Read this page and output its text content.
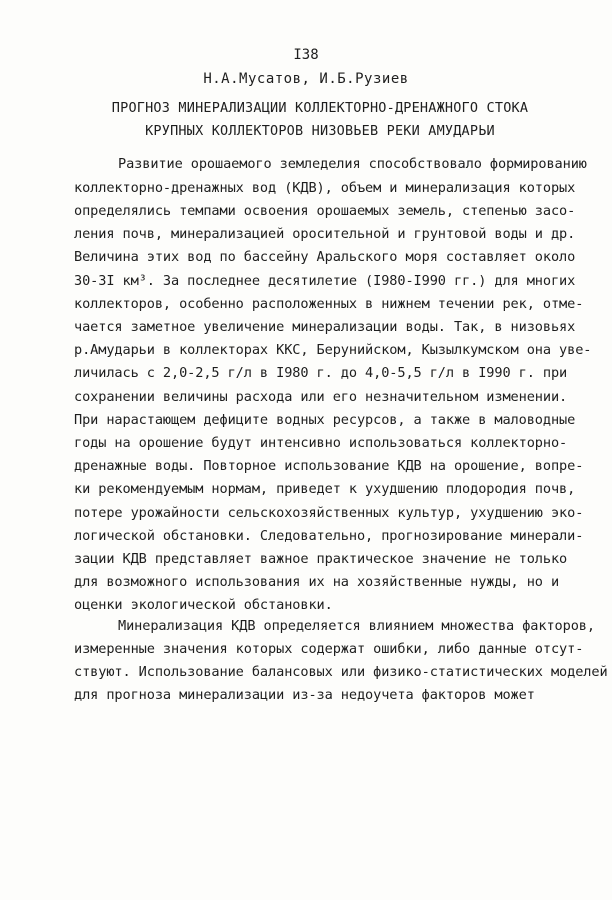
I38
Н.А.Мусатов, И.Б.Рузиев
ПРОГНОЗ МИНЕРАЛИЗАЦИИ КОЛЛЕКТОРНО-ДРЕНАЖНОГО СТОКА
КРУПНЫХ КОЛЛЕКТОРОВ НИЗОВЬЕВ РЕКИ АМУДАРЬИ
Развитие орошаемого земледелия способствовало формированию
коллекторно-дренажных вод (КДВ), объем и минерализация которых
определялись темпами освоения орошаемых земель, степенью засо-
ления почв, минерализацией оросительной и грунтовой воды и др.
Величина этих вод по бассейну Аральского моря составляет около
30-3I км³. За последнее десятилетие (I980-I990 гг.) для многих
коллекторов, особенно расположенных в нижнем течении рек, отме-
чается заметное увеличение минерализации воды. Так, в низовьях
р.Амударьи в коллекторах ККС, Берунийском, Кызылкумском она уве-
личилась с 2,0-2,5 г/л в I980 г. до 4,0-5,5 г/л в I990 г. при
сохранении величины расхода или его незначительном изменении.
При нарастающем дефиците водных ресурсов, а также в маловодные
годы на орошение будут интенсивно использоваться коллекторно-
дренажные воды. Повторное использование КДВ на орошение, вопре-
ки рекомендуемым нормам, приведет к ухудшению плодородия почв,
потере урожайности сельскохозяйственных культур, ухудшению эко-
логической обстановки. Следовательно, прогнозирование минерали-
зации КДВ представляет важное практическое значение не только
для возможного использования их на хозяйственные нужды, но и
оценки экологической обстановки.
Минерализация КДВ определяется влиянием множества факторов,
измеренные значения которых содержат ошибки, либо данные отсут-
ствуют. Использование балансовых или физико-статистических моделей
для прогноза минерализации из-за недоучета факторов может
